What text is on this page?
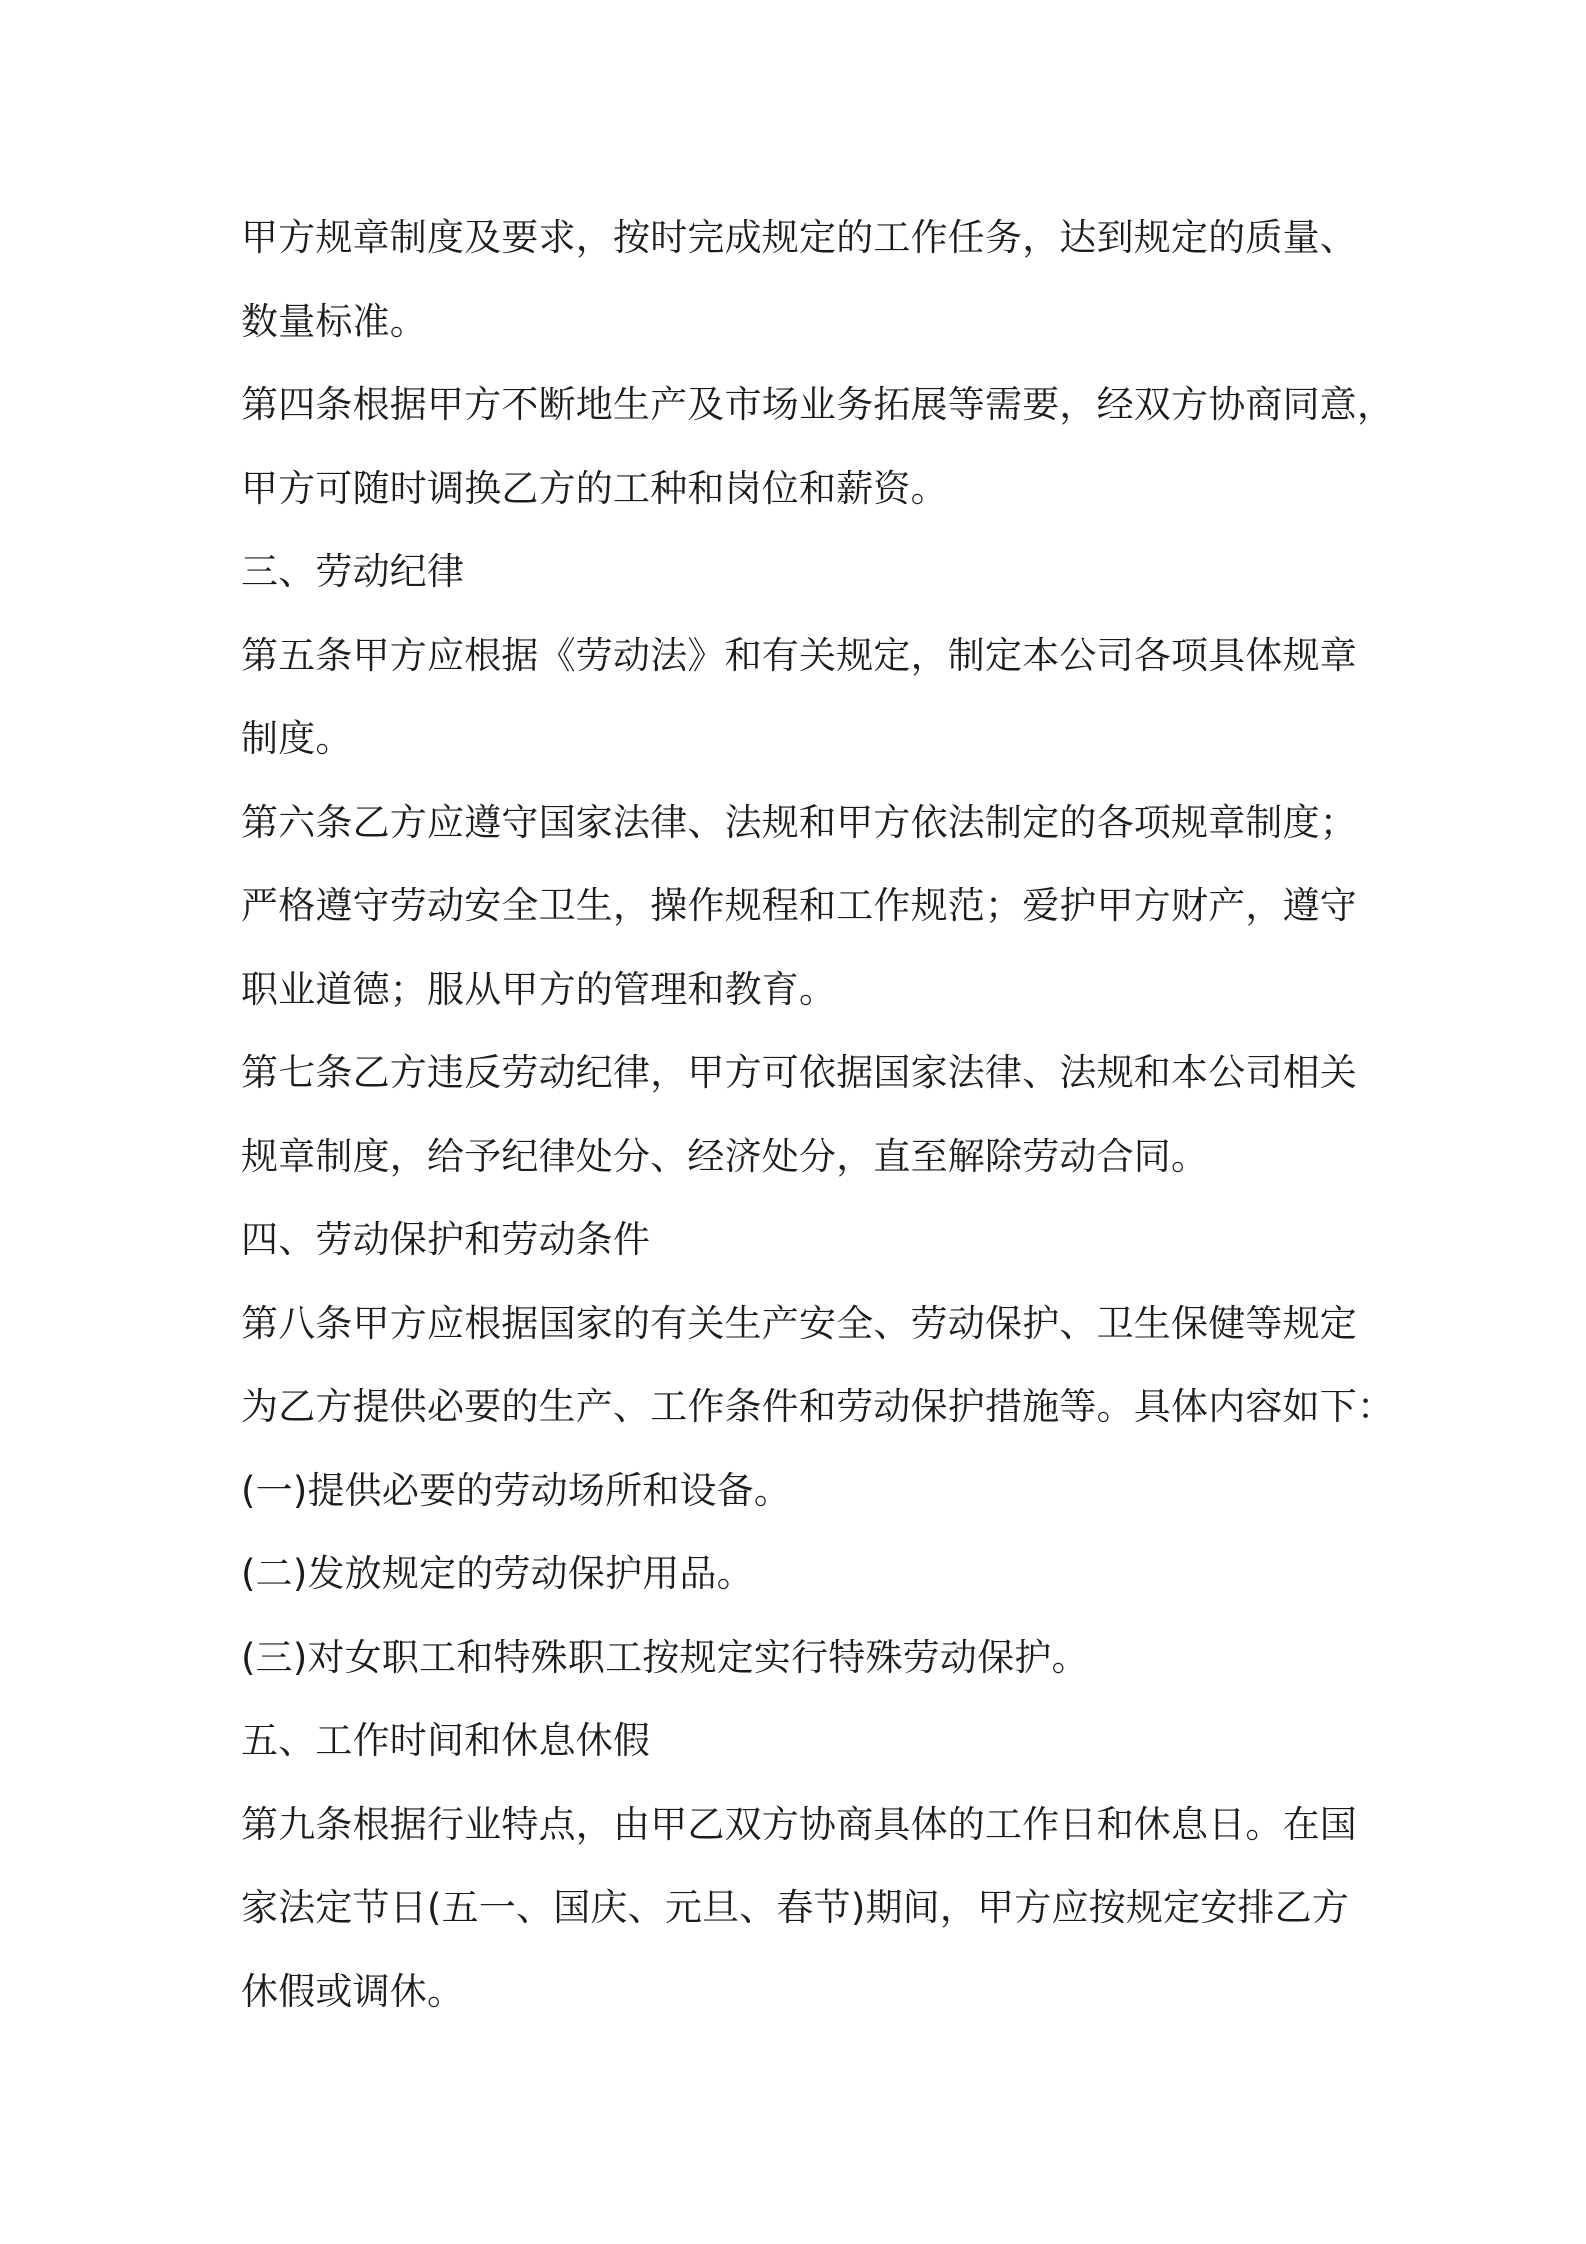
甲方规章制度及要求，按时完成规定的工作任务，达到规定的质量、
数量标准。
第四条根据甲方不断地生产及市场业务拓展等需要，经双方协商同意，
甲方可随时调换乙方的工种和岗位和薪资。
三、劳动纪律
第五条甲方应根据《劳动法》和有关规定，制定本公司各项具体规章
制度。
第六条乙方应遵守国家法律、法规和甲方依法制定的各项规章制度；
严格遵守劳动安全卫生，操作规程和工作规范；爱护甲方财产，遵守
职业道德；服从甲方的管理和教育。
第七条乙方违反劳动纪律，甲方可依据国家法律、法规和本公司相关
规章制度，给予纪律处分、经济处分，直至解除劳动合同。
四、劳动保护和劳动条件
第八条甲方应根据国家的有关生产安全、劳动保护、卫生保健等规定
为乙方提供必要的生产、工作条件和劳动保护措施等。具体内容如下：
(一)提供必要的劳动场所和设备。
(二)发放规定的劳动保护用品。
(三)对女职工和特殊职工按规定实行特殊劳动保护。
五、工作时间和休息休假
第九条根据行业特点，由甲乙双方协商具体的工作日和休息日。在国
家法定节日(五一、国庆、元旦、春节)期间，甲方应按规定安排乙方
休假或调休。
